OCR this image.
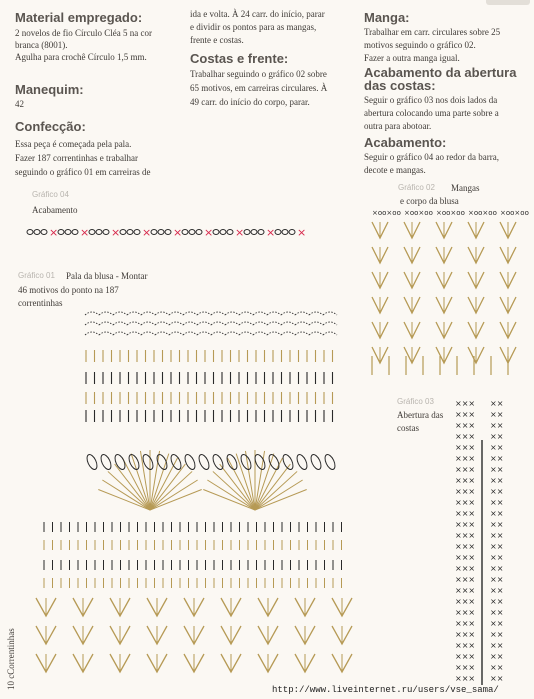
Material empregado:
2 novelos de fio Círculo Cléa 5 na cor
branca (8001).
Agulha para crochê Círculo 1,5 mm.
Manequim:
42
Confecção:
Essa peça é começada pela pala.
Fazer 187 correntinhas e trabalhar
seguindo o gráfico 01 em carreiras de
ida e volta. À 24 carr. do início, parar
e dividir os pontos para as mangas,
frente e costas.
Costas e frente:
Trabalhar seguindo o gráfico 02 sobre
65 motivos, em carreiras circulares. À
49 carr. do início do corpo, parar.
Manga:
Trabalhar em carr. circulares sobre 25
motivos seguindo o gráfico 02.
Fazer a outra manga igual.
Acabamento da abertura das costas:
Seguir o gráfico 03 nos dois lados da
abertura colocando uma parte sobre a
outra para abotoar.
Acabamento:
Seguir o gráfico 04 ao redor da barra,
decote e mangas.
Gráfico 04
Acabamento
Gráfico 01 Pala da blusa - Montar
46 motivos do ponto na 187
correntinhas
Gráfico 02 Mangas
e corpo da blusa
Gráfico 03
Abertura das
costas
10 cCorrentinhas
× × × × × × × × ×
×oo×oo ×oo×oo ×oo×oo ×oo×oo ×oo×oo
×××
×××
×××
×××
×××
×××
×××
×××
×××
×××
×××
×××
×××
×××
×××
×××
×××
×××
×××
×××
×××
×××
×××
×××
×××
×××
××
××
××
××
××
××
××
××
××
××
××
××
××
××
××
××
××
××
××
××
××
××
××
××
××
××
http://www.liveinternet.ru/users/vse_sama/
